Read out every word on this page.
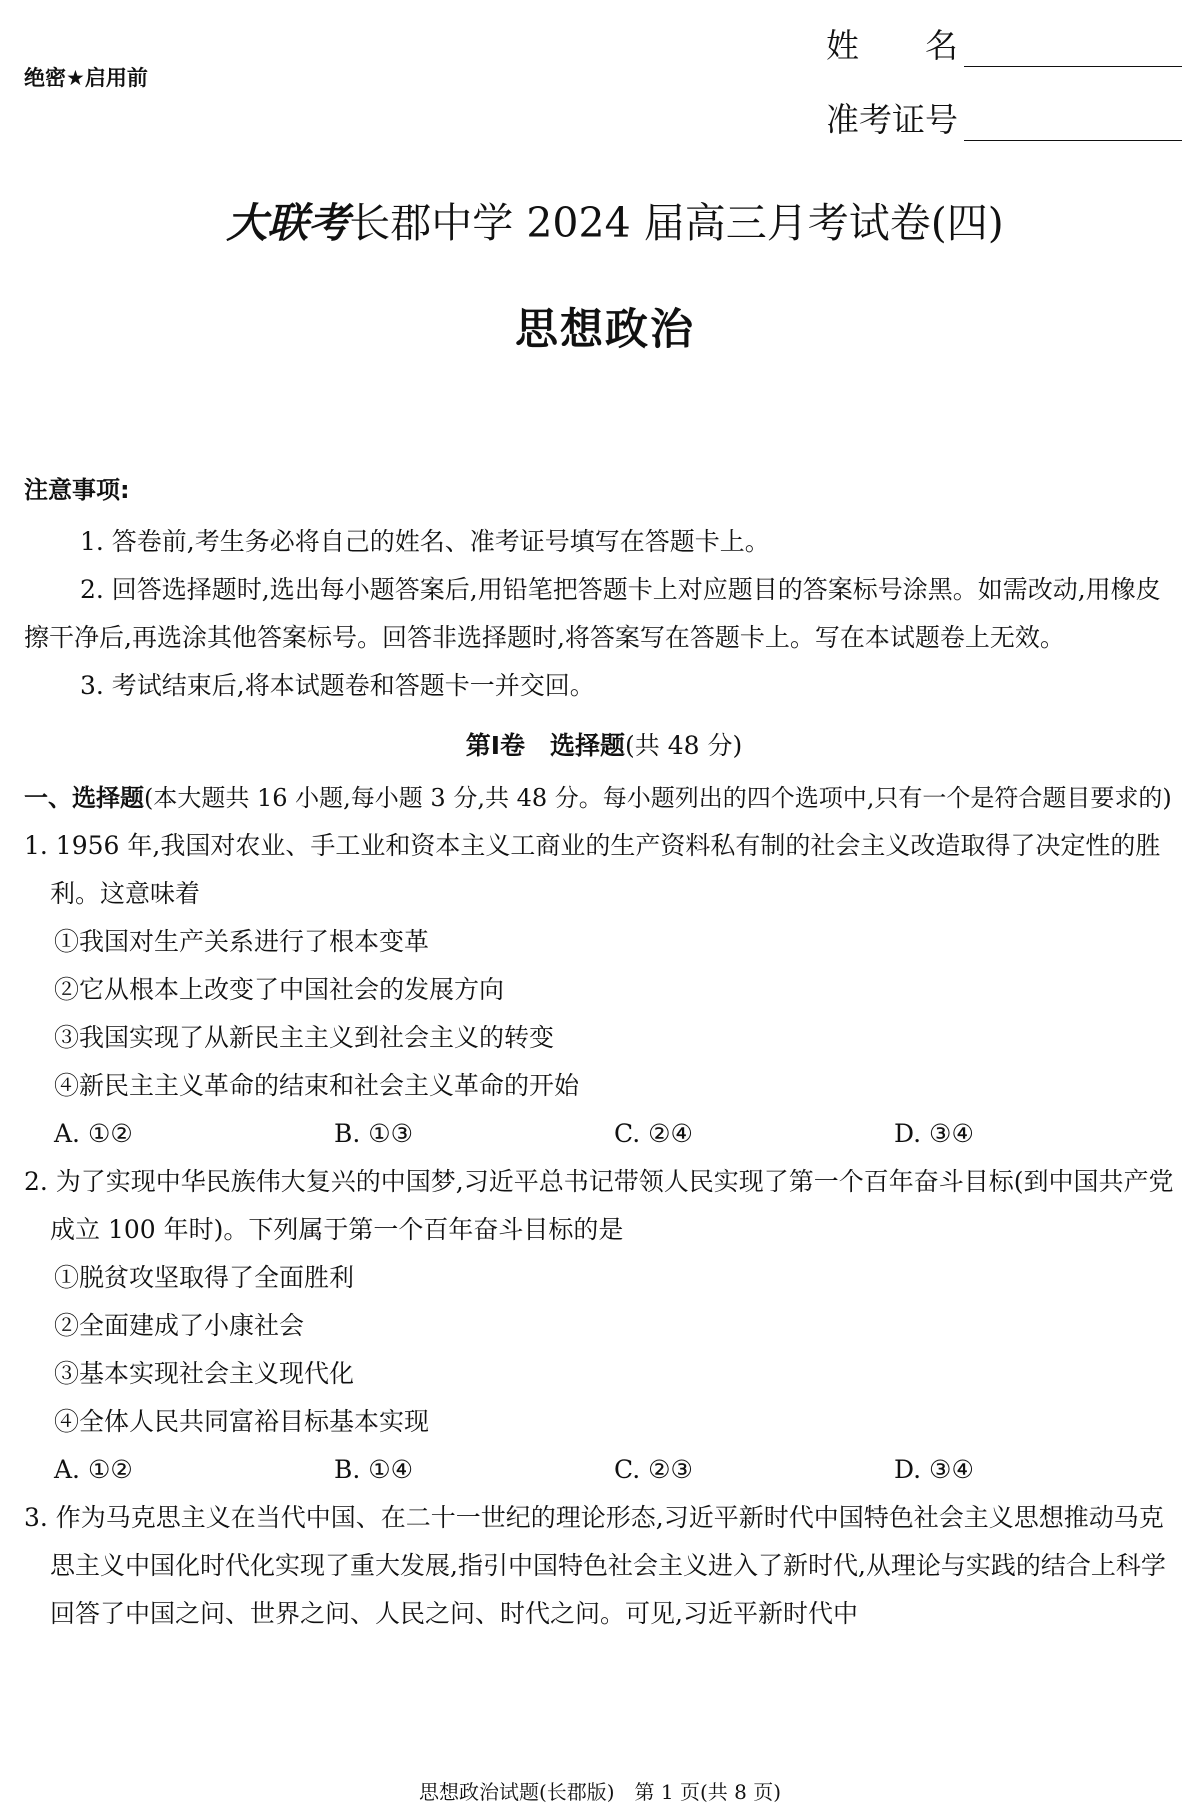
绝密★启用前
姓　　名
准考证号
大联考长郡中学 2024 届高三月考试卷(四)
思想政治

注意事项:

1. 答卷前,考生务必将自己的姓名、准考证号填写在答题卡上。

2. 回答选择题时,选出每小题答案后,用铅笔把答题卡上对应题目的答案标号涂黑。如需改动,用橡皮擦干净后,再选涂其他答案标号。回答非选择题时,将答案写在答题卡上。写在本试题卷上无效。

3. 考试结束后,将本试题卷和答题卡一并交回。

第Ⅰ卷　选择题(共 48 分)

一、选择题(本大题共 16 小题,每小题 3 分,共 48 分。每小题列出的四个选项中,只有一个是符合题目要求的)

1. 1956 年,我国对农业、手工业和资本主义工商业的生产资料私有制的社会主义改造取得了决定性的胜利。这意味着

①我国对生产关系进行了根本变革

②它从根本上改变了中国社会的发展方向

③我国实现了从新民主主义到社会主义的转变

④新民主主义革命的结束和社会主义革命的开始

A. ①②	B. ①③	C. ②④	D. ③④

2. 为了实现中华民族伟大复兴的中国梦,习近平总书记带领人民实现了第一个百年奋斗目标(到中国共产党成立 100 年时)。下列属于第一个百年奋斗目标的是

①脱贫攻坚取得了全面胜利

②全面建成了小康社会

③基本实现社会主义现代化

④全体人民共同富裕目标基本实现

A. ①②	B. ①④	C. ②③	D. ③④

3. 作为马克思主义在当代中国、在二十一世纪的理论形态,习近平新时代中国特色社会主义思想推动马克思主义中国化时代化实现了重大发展,指引中国特色社会主义进入了新时代,从理论与实践的结合上科学回答了中国之问、世界之问、人民之问、时代之问。可见,习近平新时代中

思想政治试题(长郡版)　第 1 页(共 8 页)
